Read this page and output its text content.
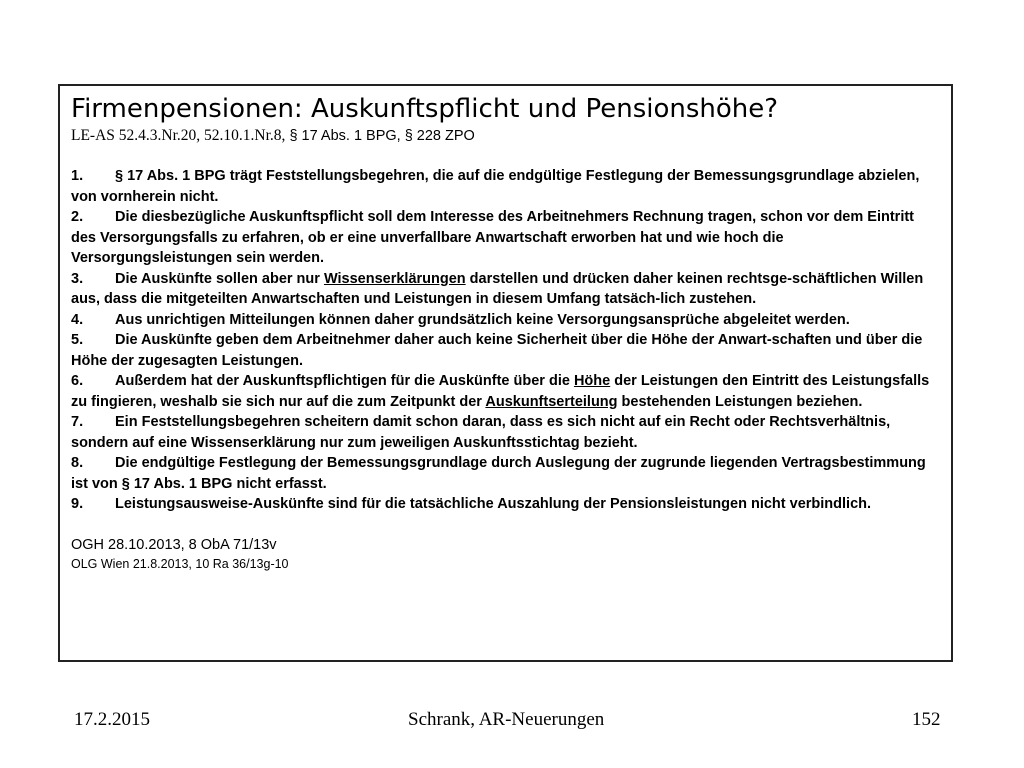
Firmenpensionen: Auskunftspflicht und Pensionshöhe?

LE-AS 52.4.3.Nr.20, 52.10.1.Nr.8, § 17 Abs. 1 BPG, § 228 ZPO

1. § 17 Abs. 1 BPG trägt Feststellungsbegehren, die auf die endgültige Festlegung der Bemessungsgrundlage abzielen, von vornherein nicht.
2. Die diesbezügliche Auskunftspflicht soll dem Interesse des Arbeitnehmers Rechnung tragen, schon vor dem Eintritt des Versorgungsfalls zu erfahren, ob er eine unverfallbare Anwartschaft erworben hat und wie hoch die Versorgungsleistungen sein werden.
3. Die Auskünfte sollen aber nur Wissenserklärungen darstellen und drücken daher keinen rechtsge-schäftlichen Willen aus, dass die mitgeteilten Anwartschaften und Leistungen in diesem Umfang tatsäch-lich zustehen.
4. Aus unrichtigen Mitteilungen können daher grundsätzlich keine Versorgungsansprüche abgeleitet werden.
5. Die Auskünfte geben dem Arbeitnehmer daher auch keine Sicherheit über die Höhe der Anwart-schaften und über die Höhe der zugesagten Leistungen.
6. Außerdem hat der Auskunftspflichtigen für die Auskünfte über die Höhe der Leistungen den Eintritt des Leistungsfalls zu fingieren, weshalb sie sich nur auf die zum Zeitpunkt der Auskunftserteilung bestehenden Leistungen beziehen.
7. Ein Feststellungsbegehren scheitern damit schon daran, dass es sich nicht auf ein Recht oder Rechtsverhältnis, sondern auf eine Wissenserklärung nur zum jeweiligen Auskunftsstichtag bezieht.
8. Die endgültige Festlegung der Bemessungsgrundlage durch Auslegung der zugrunde liegenden Vertragsbestimmung ist von § 17 Abs. 1 BPG nicht erfasst.
9. Leistungsausweise-Auskünfte sind für die tatsächliche Auszahlung der Pensionsleistungen nicht verbindlich.
OGH 28.10.2013, 8 ObA 71/13v
OLG Wien 21.8.2013, 10 Ra 36/13g-10
17.2.2015	Schrank, AR-Neuerungen	152
